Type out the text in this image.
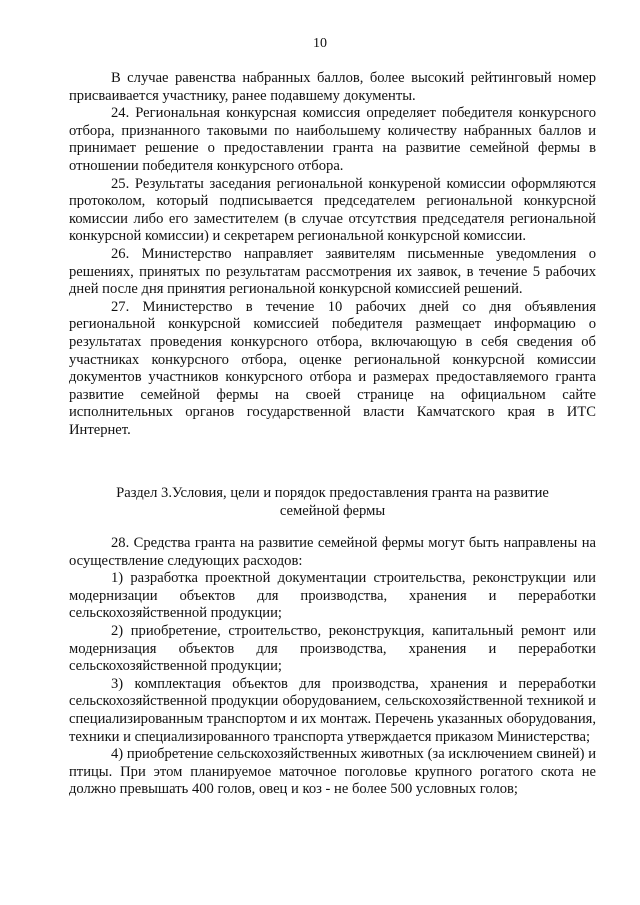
10

В случае равенства набранных баллов, более высокий рейтинговый номер присваивается участнику, ранее подавшему документы.

24. Региональная конкурсная комиссия определяет победителя конкурсного отбора, признанного таковыми по наибольшему количеству набранных баллов и принимает решение о предоставлении гранта на развитие семейной фермы в отношении победителя конкурсного отбора.

25. Результаты заседания региональной конкуреной комиссии оформляются протоколом, который подписывается председателем региональной конкурсной комиссии либо его заместителем (в случае отсутствия председателя региональной конкурсной комиссии) и секретарем региональной конкурсной комиссии.

26. Министерство направляет заявителям письменные уведомления о решениях, принятых по результатам рассмотрения их заявок, в течение 5 рабочих дней после дня принятия региональной конкурсной комиссией решений.

27. Министерство в течение 10 рабочих дней со дня объявления региональной конкурсной комиссией победителя размещает информацию о результатах проведения конкурсного отбора, включающую в себя сведения об участниках конкурсного отбора, оценке региональной конкурсной комиссии документов участников конкурсного отбора и размерах предоставляемого гранта развитие семейной фермы на своей странице на официальном сайте исполнительных органов государственной власти Камчатского края в ИТС Интернет.

Раздел 3.Условия, цели и порядок предоставления гранта на развитие семейной фермы

28. Средства гранта на развитие семейной фермы могут быть направлены на осуществление следующих расходов:

1) разработка проектной документации строительства, реконструкции или модернизации объектов для производства, хранения и переработки сельскохозяйственной продукции;

2) приобретение, строительство, реконструкция, капитальный ремонт или модернизация объектов для производства, хранения и переработки сельскохозяйственной продукции;

3) комплектация объектов для производства, хранения и переработки сельскохозяйственной продукции оборудованием, сельскохозяйственной техникой и специализированным транспортом и их монтаж. Перечень указанных оборудования, техники и специализированного транспорта утверждается приказом Министерства;

4) приобретение сельскохозяйственных животных (за исключением свиней) и птицы. При этом планируемое маточное поголовье крупного рогатого скота не должно превышать 400 голов, овец и коз - не более 500 условных голов;
